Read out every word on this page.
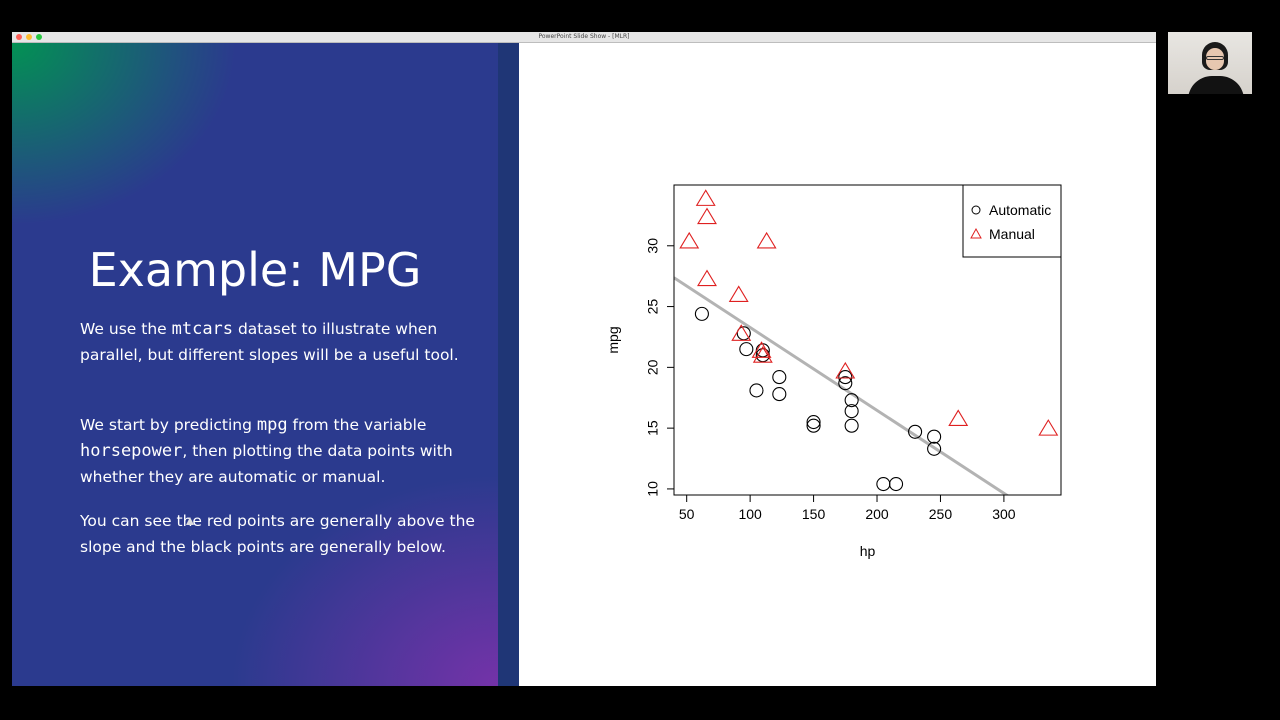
PowerPoint Slide Show - [MLR]
Example: MPG
We use the mtcars dataset to illustrate when parallel, but different slopes will be a useful tool.
We start by predicting mpg from the variable horsepower, then plotting the data points with whether they are automatic or manual.
You can see the red points are generally above the slope and the black points are generally below.
50	100	150	200	250	300
10
15
20
25
30
hp
mpg
Automatic
Manual
